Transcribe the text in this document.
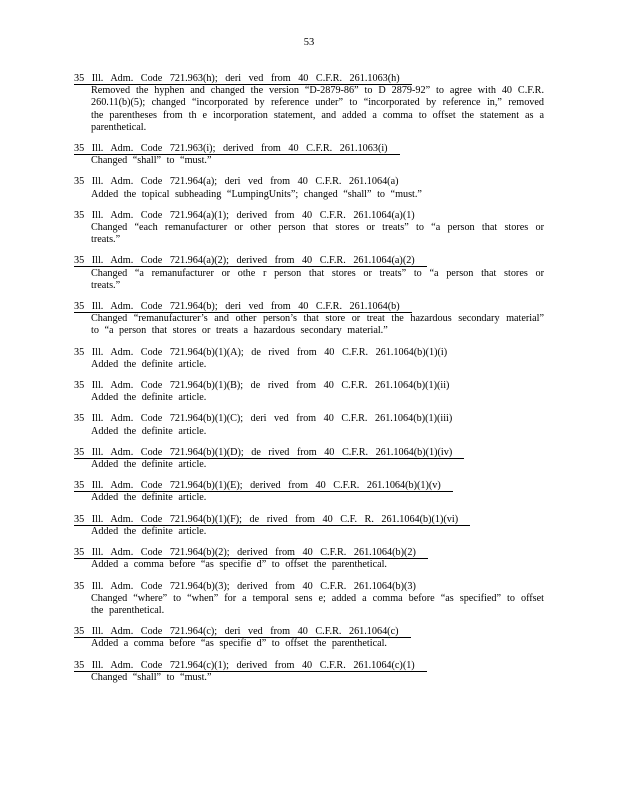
53
35 Ill. Adm. Code 721.963(h); deri ved from 40 C.F.R. 261.1063(h)
Removed the hyphen and changed the version “D-2879-86” to D 2879-92” to agree with 40 C.F.R. 260.11(b)(5); changed “incorporated by reference under” to “incorporated by reference in,” removed the parentheses from th e incorporation statement, and added a comma to offset the statement as a parenthetical.
35 Ill. Adm. Code 721.963(i); derived from 40 C.F.R. 261.1063(i)
Changed “shall” to “must.”
35 Ill. Adm. Code 721.964(a); deri ved from 40 C.F.R. 261.1064(a)
Added the topical subheading “LumpingUnits”; changed “shall” to “must.”
35 Ill. Adm. Code 721.964(a)(1); derived from 40 C.F.R. 261.1064(a)(1)
Changed “each remanufacturer or other person that stores or treats” to “a person that stores or treats.”
35 Ill. Adm. Code 721.964(a)(2); derived from 40 C.F.R. 261.1064(a)(2)
Changed “a remanufacturer or othe r person that stores or treats” to “a person that stores or treats.”
35 Ill. Adm. Code 721.964(b); deri ved from 40 C.F.R. 261.1064(b)
Changed “remanufacturer’s and other person’s that store or treat the hazardous secondary material” to “a person that stores or treats a hazardous secondary material.”
35 Ill. Adm. Code 721.964(b)(1)(A); de rived from 40 C.F.R. 261.1064(b)(1)(i)
Added the definite article.
35 Ill. Adm. Code 721.964(b)(1)(B); de rived from 40 C.F.R. 261.1064(b)(1)(ii)
Added the definite article.
35 Ill. Adm. Code 721.964(b)(1)(C); deri ved from 40 C.F.R. 261.1064(b)(1)(iii)
Added the definite article.
35 Ill. Adm. Code 721.964(b)(1)(D); de rived from 40 C.F.R. 261.1064(b)(1)(iv)
Added the definite article.
35 Ill. Adm. Code 721.964(b)(1)(E); derived from 40 C.F.R. 261.1064(b)(1)(v)
Added the definite article.
35 Ill. Adm. Code 721.964(b)(1)(F); de rived from 40 C.F. R. 261.1064(b)(1)(vi)
Added the definite article.
35 Ill. Adm. Code 721.964(b)(2); derived from 40 C.F.R. 261.1064(b)(2)
Added a comma before “as specifie d” to offset the parenthetical.
35 Ill. Adm. Code 721.964(b)(3); derived from 40 C.F.R. 261.1064(b)(3)
Changed “where” to “when” for a temporal sens e; added a comma before “as specified” to offset the parenthetical.
35 Ill. Adm. Code 721.964(c); deri ved from 40 C.F.R. 261.1064(c)
Added a comma before “as specifie d” to offset the parenthetical.
35 Ill. Adm. Code 721.964(c)(1); derived from 40 C.F.R. 261.1064(c)(1)
Changed “shall” to “must.”
